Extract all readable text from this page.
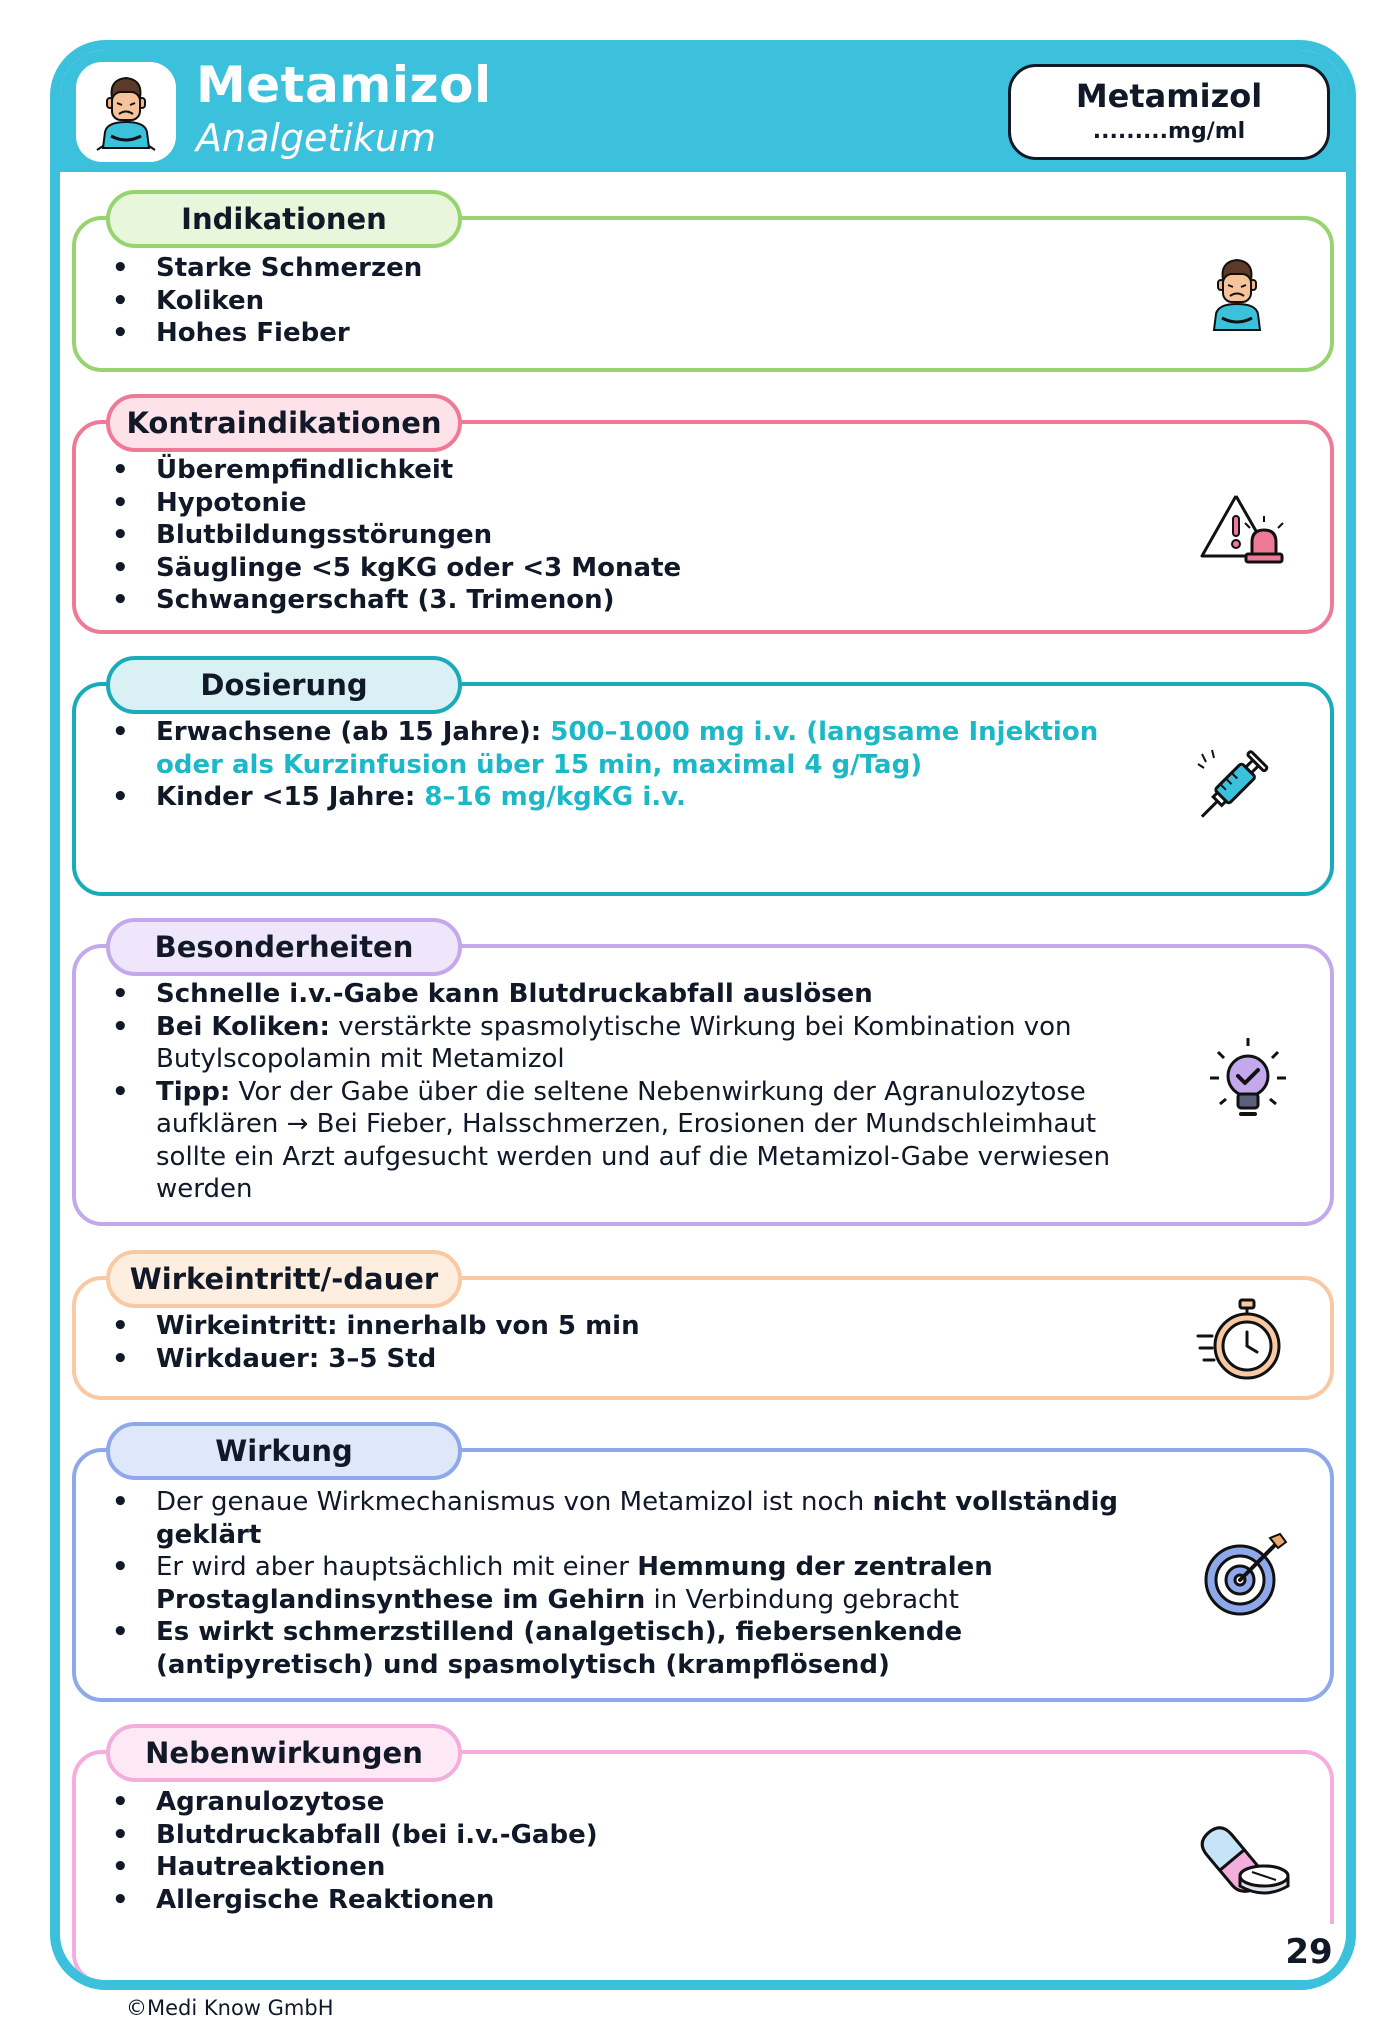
Metamizol
Analgetikum
Metamizol
.........mg/ml
Indikationen
• Starke Schmerzen
• Koliken
• Hohes Fieber
Kontraindikationen
• Überempfindlichkeit
• Hypotonie
• Blutbildungsstörungen
• Säuglinge <5 kgKG oder <3 Monate
• Schwangerschaft (3. Trimenon)
Dosierung
• Erwachsene (ab 15 Jahre): 500–1000 mg i.v. (langsame Injektion oder als Kurzinfusion über 15 min, maximal 4 g/Tag)
• Kinder <15 Jahre: 8–16 mg/kgKG i.v.
Besonderheiten
• Schnelle i.v.-Gabe kann Blutdruckabfall auslösen
• Bei Koliken: verstärkte spasmolytische Wirkung bei Kombination von Butylscopolamin mit Metamizol
• Tipp: Vor der Gabe über die seltene Nebenwirkung der Agranulozytose aufklären → Bei Fieber, Halsschmerzen, Erosionen der Mundschleimhaut sollte ein Arzt aufgesucht werden und auf die Metamizol-Gabe verwiesen werden
Wirkeintritt/-dauer
• Wirkeintritt: innerhalb von 5 min
• Wirkdauer: 3–5 Std
Wirkung
• Der genaue Wirkmechanismus von Metamizol ist noch nicht vollständig geklärt
• Er wird aber hauptsächlich mit einer Hemmung der zentralen Prostaglandinsynthese im Gehirn in Verbindung gebracht
• Es wirkt schmerzstillend (analgetisch), fiebersenkende (antipyretisch) und spasmolytisch (krampflösend)
Nebenwirkungen
• Agranulozytose
• Blutdruckabfall (bei i.v.-Gabe)
• Hautreaktionen
• Allergische Reaktionen
29
©Medi Know GmbH
